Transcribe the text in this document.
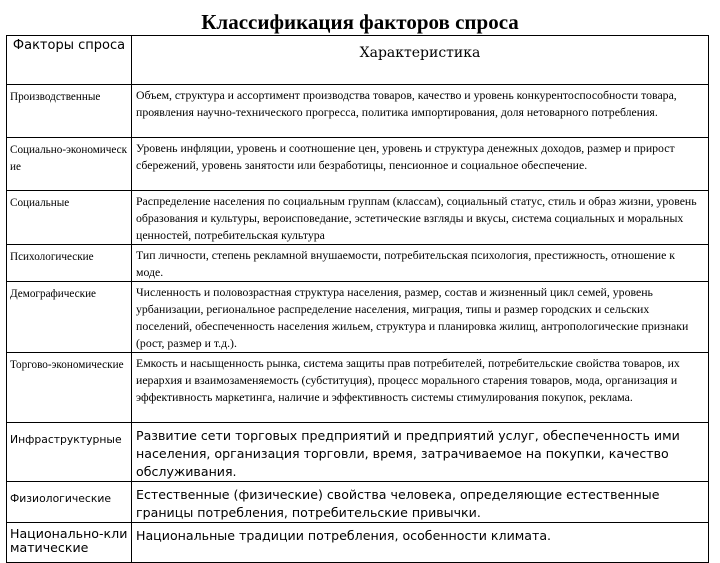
Классификация факторов спроса
Факторы спроса	Характеристика
Производственные	Объем, структура и ассортимент производства товаров, качество и уровень конкурентоспособности товара, проявления научно-технического прогресса, политика импортирования, доля нетоварного потребления.
Социально-экономические	Уровень инфляции, уровень и соотношение цен, уровень и структура денежных доходов, размер и прирост сбережений, уровень занятости или безработицы, пенсионное и социальное обеспечение.
Социальные	Распределение населения по социальным группам (классам), социальный статус, стиль и образ жизни, уровень образования и культуры, вероисповедание, эстетические взгляды и вкусы, система социальных и моральных ценностей, потребительская культура
Психологические	Тип личности, степень рекламной внушаемости, потребительская психология, престижность, отношение к моде.
Демографические	Численность и половозрастная структура населения, размер, состав и жизненный цикл семей, уровень урбанизации, региональное распределение населения, миграция, типы и размер городских и сельских поселений, обеспеченность населения жильем, структура и планировка жилищ, антропологические признаки (рост, размер и т.д.).
Торгово-экономические	Емкость и насыщенность рынка, система защиты прав потребителей, потребительские свойства товаров, их иерархия и взаимозаменяемость (субституция), процесс морального старения товаров, мода, организация и эффективность маркетинга, наличие и эффективность системы стимулирования покупок, реклама.
Инфраструктурные	Развитие сети торговых предприятий и предприятий услуг, обеспеченность ими населения, организация торговли, время, затрачиваемое на покупки, качество обслуживания.
Физиологические	Естественные (физические) свойства человека, определяющие естественные границы потребления, потребительские привычки.
Национально-климатические	Национальные традиции потребления, особенности климата.
